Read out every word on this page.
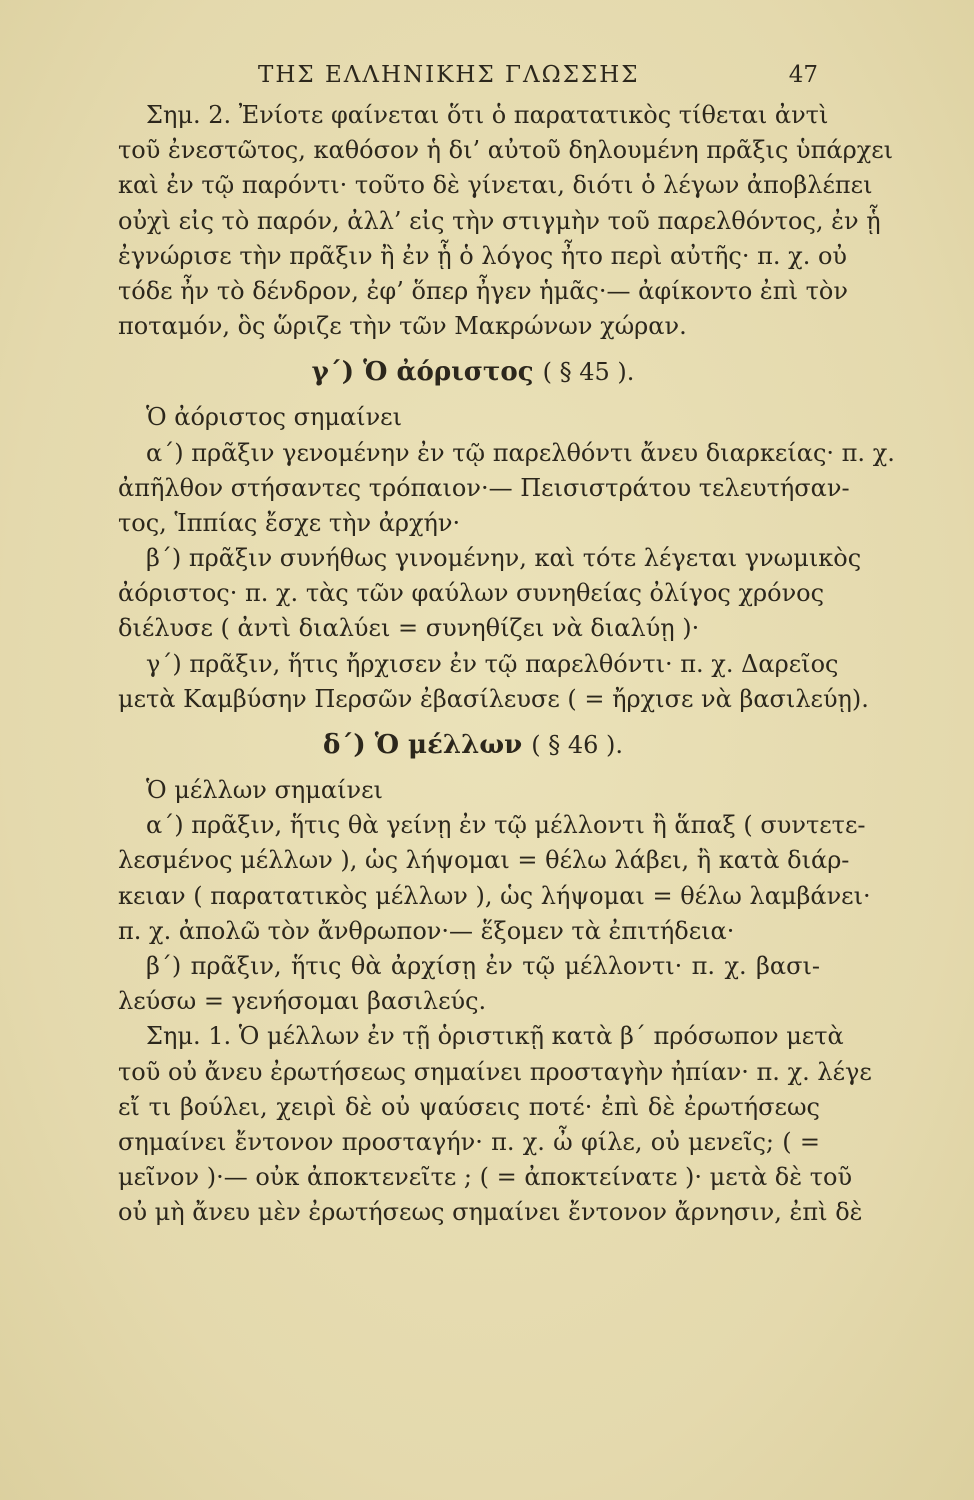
ΤΗΣ ΕΛΛΗΝΙΚΗΣ ΓΛΩΣΣΗΣ	47
Σημ. 2. Ἐνίοτε φαίνεται ὅτι ὁ παρατατικὸς τίθεται ἀντὶ
τοῦ ἐνεστῶτος, καθόσον ἡ δι’ αὐτοῦ δηλουμένη πρᾶξις ὑπάρχει
καὶ ἐν τῷ παρόντι· τοῦτο δὲ γίνεται, διότι ὁ λέγων ἀποβλέπει
οὐχὶ εἰς τὸ παρόν, ἀλλ’ εἰς τὴν στιγμὴν τοῦ παρελθόντος, ἐν ᾗ
ἐγνώρισε τὴν πρᾶξιν ἢ ἐν ᾗ ὁ λόγος ἦτο περὶ αὐτῆς· π. χ. οὐ
τόδε ἦν τὸ δένδρον, ἐφ’ ὅπερ ἦγεν ἡμᾶς·— ἀφίκοντο ἐπὶ τὸν
ποταμόν, ὃς ὥριζε τὴν τῶν Μακρώνων χώραν.
γ΄) Ὁ ἀόριστος ( § 45 ).
Ὁ ἀόριστος σημαίνει
α΄) πρᾶξιν γενομένην ἐν τῷ παρελθόντι ἄνευ διαρκείας· π. χ.
ἀπῆλθον στήσαντες τρόπαιον·— Πεισιστράτου τελευτήσαν-
τος, Ἱππίας ἔσχε τὴν ἀρχήν·
β΄) πρᾶξιν συνήθως γινομένην, καὶ τότε λέγεται γνωμικὸς
ἀόριστος· π. χ. τὰς τῶν φαύλων συνηθείας ὀλίγος χρόνος
διέλυσε ( ἀντὶ διαλύει = συνηθίζει νὰ διαλύῃ )·
γ΄) πρᾶξιν, ἥτις ἤρχισεν ἐν τῷ παρελθόντι· π. χ. Δαρεῖος
μετὰ Καμβύσην Περσῶν ἐβασίλευσε ( = ἤρχισε νὰ βασιλεύῃ).
δ΄) Ὁ μέλλων ( § 46 ).
Ὁ μέλλων σημαίνει
α΄) πρᾶξιν, ἥτις θὰ γείνῃ ἐν τῷ μέλλοντι ἢ ἅπαξ ( συντετε-
λεσμένος μέλλων ), ὡς λήψομαι = θέλω λάβει, ἢ κατὰ διάρ-
κειαν ( παρατατικὸς μέλλων ), ὡς λήψομαι = θέλω λαμβάνει·
π. χ. ἀπολῶ τὸν ἄνθρωπον·— ἕξομεν τὰ ἐπιτήδεια·
β΄) πρᾶξιν, ἥτις θὰ ἀρχίσῃ ἐν τῷ μέλλοντι· π. χ. βασι-
λεύσω = γενήσομαι βασιλεύς.
Σημ. 1. Ὁ μέλλων ἐν τῇ ὁριστικῇ κατὰ β΄ πρόσωπον μετὰ
τοῦ οὐ ἄνευ ἐρωτήσεως σημαίνει προσταγὴν ἠπίαν· π. χ. λέγε
εἴ τι βούλει, χειρὶ δὲ οὐ ψαύσεις ποτέ· ἐπὶ δὲ ἐρωτήσεως
σημαίνει ἔντονον προσταγήν· π. χ. ὦ φίλε, οὐ μενεῖς; ( =
μεῖνον )·— οὐκ ἀποκτενεῖτε ; ( = ἀποκτείνατε )· μετὰ δὲ τοῦ
οὐ μὴ ἄνευ μὲν ἐρωτήσεως σημαίνει ἔντονον ἄρνησιν, ἐπὶ δὲ
